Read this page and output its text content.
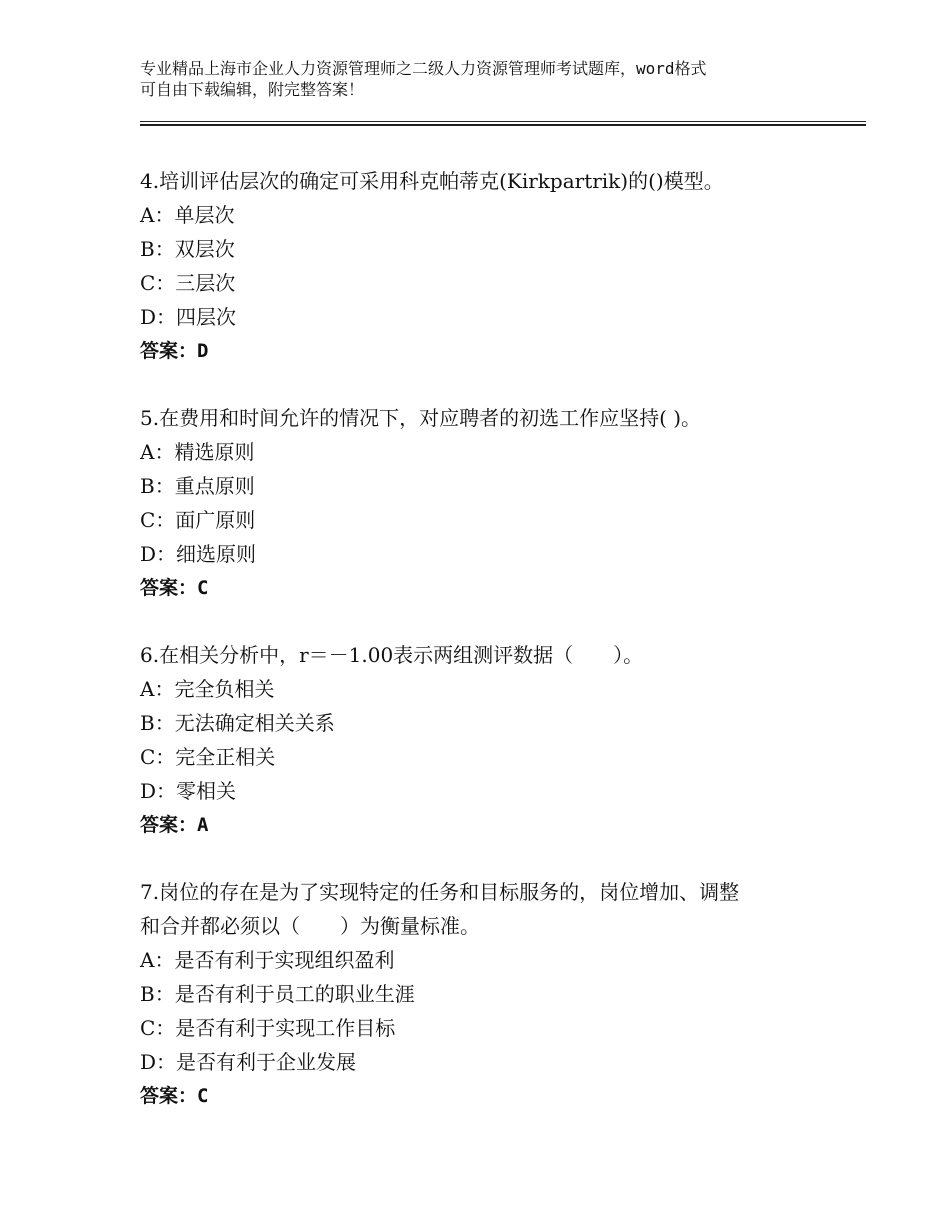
专业精品上海市企业人力资源管理师之二级人力资源管理师考试题库，word格式
可自由下载编辑，附完整答案！
4.培训评估层次的确定可采用科克帕蒂克(Kirkpartrik)的()模型。
A：单层次
B：双层次
C：三层次
D：四层次
答案：D
5.在费用和时间允许的情况下，对应聘者的初选工作应坚持( )。
A：精选原则
B：重点原则
C：面广原则
D：细选原则
答案：C
6.在相关分析中，r＝－1.00表示两组测评数据（　　）。
A：完全负相关
B：无法确定相关关系
C：完全正相关
D：零相关
答案：A
7.岗位的存在是为了实现特定的任务和目标服务的，岗位增加、调整
和合并都必须以（　　）为衡量标准。
A：是否有利于实现组织盈利
B：是否有利于员工的职业生涯
C：是否有利于实现工作目标
D：是否有利于企业发展
答案：C
